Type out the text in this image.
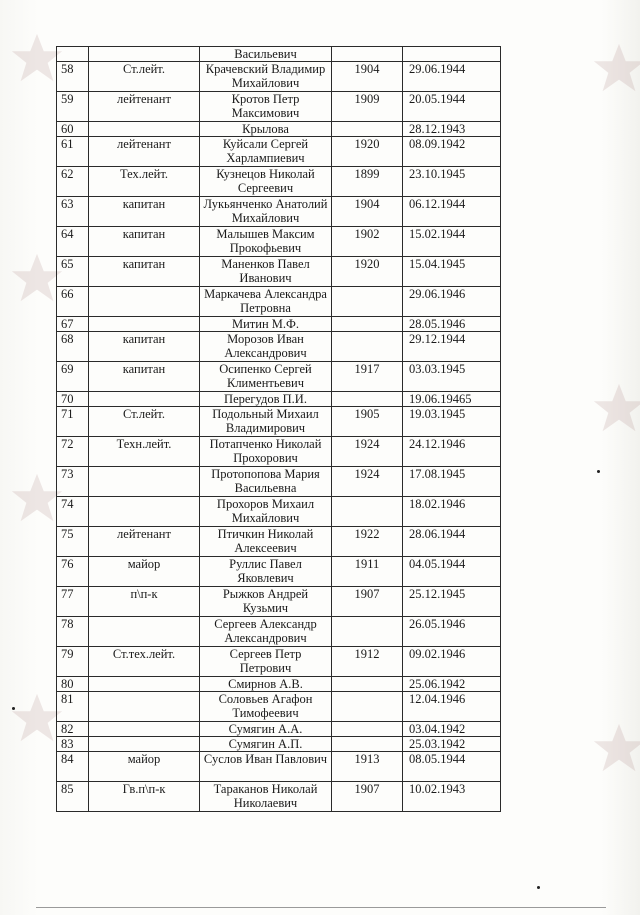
		Васильевич		
58	Ст.лейт.	Крачевский Владимир Михайлович	1904	29.06.1944
59	лейтенант	Кротов Петр Максимович	1909	20.05.1944
60		Крылова		28.12.1943
61	лейтенант	Куйсали Сергей Харлампиевич	1920	08.09.1942
62	Тех.лейт.	Кузнецов Николай Сергеевич	1899	23.10.1945
63	капитан	Лукьянченко Анатолий Михайлович	1904	06.12.1944
64	капитан	Малышев Максим Прокофьевич	1902	15.02.1944
65	капитан	Маненков Павел Иванович	1920	15.04.1945
66		Маркачева Александра Петровна		29.06.1946
67		Митин М.Ф.		28.05.1946
68	капитан	Морозов Иван Александрович		29.12.1944
69	капитан	Осипенко Сергей Климентьевич	1917	03.03.1945
70		Перегудов П.И.		19.06.19465
71	Ст.лейт.	Подольный Михаил Владимирович	1905	19.03.1945
72	Техн.лейт.	Потапченко Николай Прохорович	1924	24.12.1946
73		Протопопова Мария Васильевна	1924	17.08.1945
74		Прохоров Михаил Михайлович		18.02.1946
75	лейтенант	Птичкин Николай Алексеевич	1922	28.06.1944
76	майор	Руллис Павел Яковлевич	1911	04.05.1944
77	п\п-к	Рыжков Андрей Кузьмич	1907	25.12.1945
78		Сергеев Александр Александрович		26.05.1946
79	Ст.тех.лейт.	Сергеев Петр Петрович	1912	09.02.1946
80		Смирнов А.В.		25.06.1942
81		Соловьев Агафон Тимофеевич		12.04.1946
82		Сумягин А.А.		03.04.1942
83		Сумягин А.П.		25.03.1942
84	майор	Суслов Иван Павлович	1913	08.05.1944
85	Гв.п\п-к	Тараканов Николай Николаевич	1907	10.02.1943
